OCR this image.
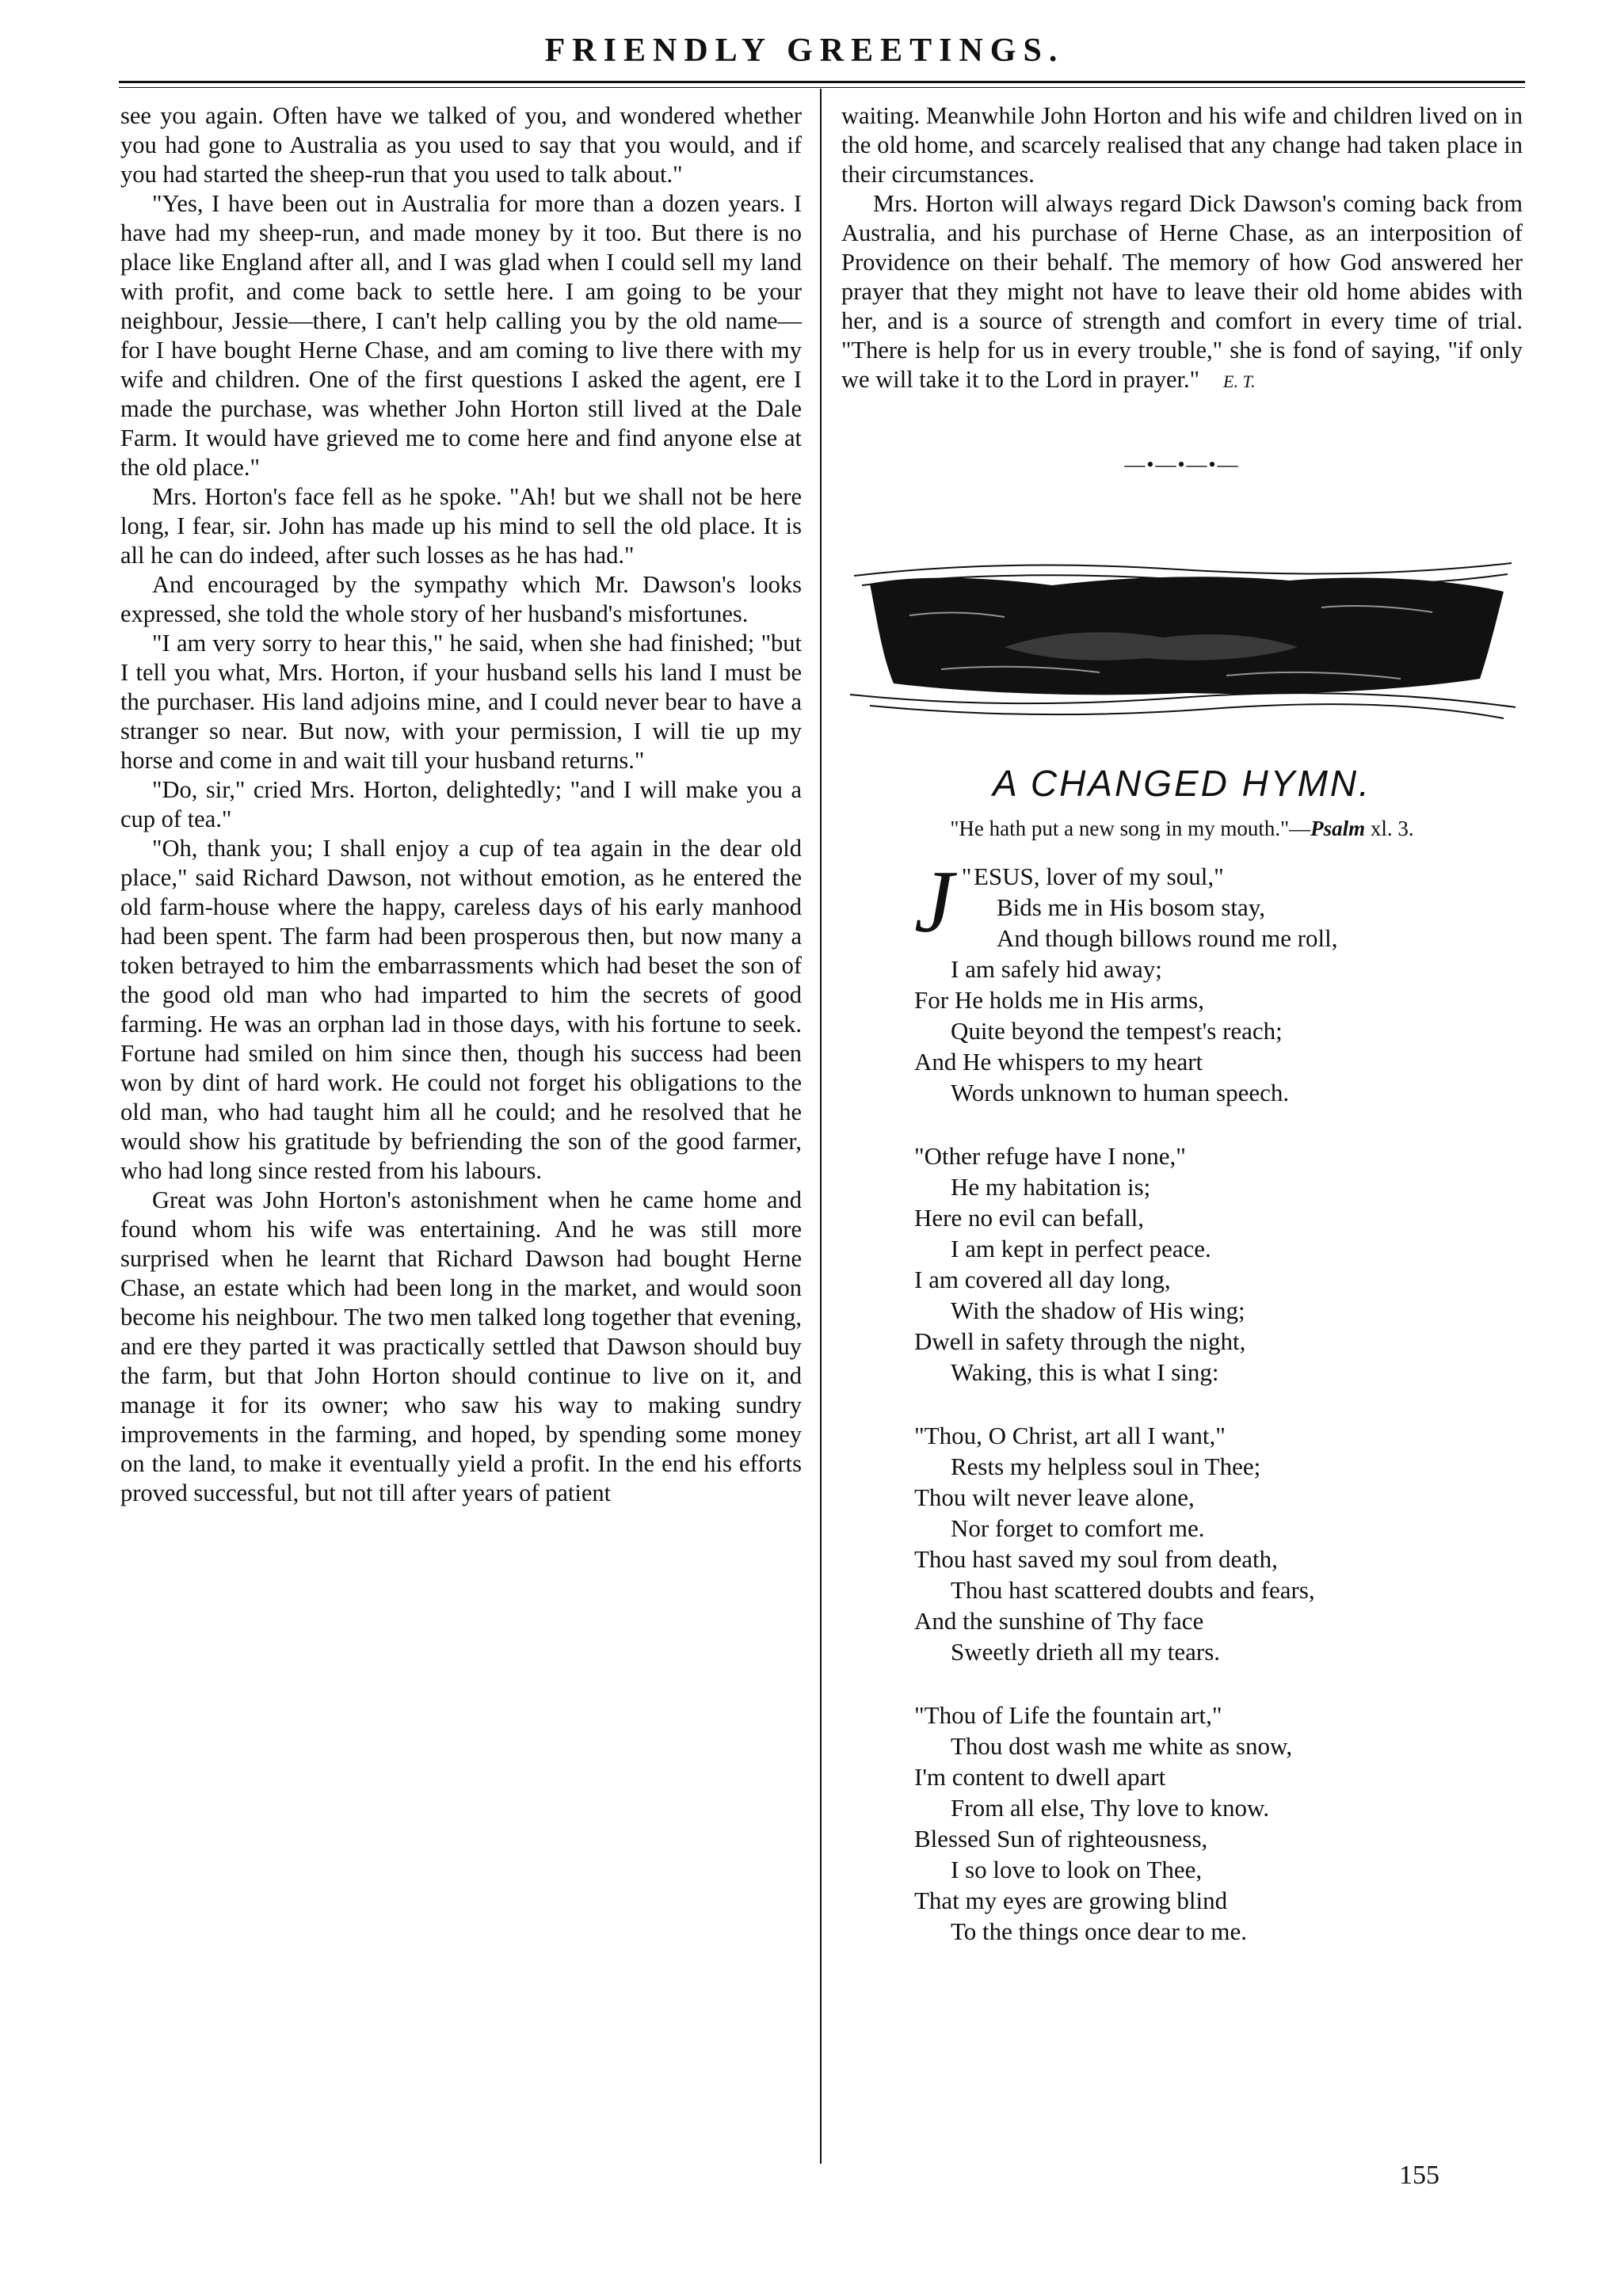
FRIENDLY GREETINGS.

see you again. Often have we talked of you, and wondered whether you had gone to Australia as you used to say that you would, and if you had started the sheep-run that you used to talk about."

"Yes, I have been out in Australia for more than a dozen years. I have had my sheep-run, and made money by it too. But there is no place like England after all, and I was glad when I could sell my land with profit, and come back to settle here. I am going to be your neighbour, Jessie—there, I can't help calling you by the old name—for I have bought Herne Chase, and am coming to live there with my wife and children. One of the first questions I asked the agent, ere I made the purchase, was whether John Horton still lived at the Dale Farm. It would have grieved me to come here and find anyone else at the old place."

Mrs. Horton's face fell as he spoke. "Ah! but we shall not be here long, I fear, sir. John has made up his mind to sell the old place. It is all he can do indeed, after such losses as he has had."

And encouraged by the sympathy which Mr. Dawson's looks expressed, she told the whole story of her husband's misfortunes.

"I am very sorry to hear this," he said, when she had finished; "but I tell you what, Mrs. Horton, if your husband sells his land I must be the purchaser. His land adjoins mine, and I could never bear to have a stranger so near. But now, with your permission, I will tie up my horse and come in and wait till your husband returns."

"Do, sir," cried Mrs. Horton, delightedly; "and I will make you a cup of tea."

"Oh, thank you; I shall enjoy a cup of tea again in the dear old place," said Richard Dawson, not without emotion, as he entered the old farm-house where the happy, careless days of his early manhood had been spent. The farm had been prosperous then, but now many a token betrayed to him the embarrassments which had beset the son of the good old man who had imparted to him the secrets of good farming. He was an orphan lad in those days, with his fortune to seek. Fortune had smiled on him since then, though his success had been won by dint of hard work. He could not forget his obligations to the old man, who had taught him all he could; and he resolved that he would show his gratitude by befriending the son of the good farmer, who had long since rested from his labours.

Great was John Horton's astonishment when he came home and found whom his wife was entertaining. And he was still more surprised when he learnt that Richard Dawson had bought Herne Chase, an estate which had been long in the market, and would soon become his neighbour. The two men talked long together that evening, and ere they parted it was practically settled that Dawson should buy the farm, but that John Horton should continue to live on it, and manage it for its owner; who saw his way to making sundry improvements in the farming, and hoped, by spending some money on the land, to make it eventually yield a profit. In the end his efforts proved successful, but not till after years of patient

waiting. Meanwhile John Horton and his wife and children lived on in the old home, and scarcely realised that any change had taken place in their circumstances.

Mrs. Horton will always regard Dick Dawson's coming back from Australia, and his purchase of Herne Chase, as an interposition of Providence on their behalf. The memory of how God answered her prayer that they might not have to leave their old home abides with her, and is a source of strength and comfort in every time of trial. "There is help for us in every trouble," she is fond of saying, "if only we will take it to the Lord in prayer." E. T.

—•—•—•—
A CHANGED HYMN.
"He hath put a new song in my mouth."—Psalm xl. 3.
J " ESUS, lover of my soul,"
Bids me in His bosom stay,
And though billows round me roll,
I am safely hid away;
For He holds me in His arms,
Quite beyond the tempest's reach;
And He whispers to my heart
Words unknown to human speech.
"Other refuge have I none,"
He my habitation is;
Here no evil can befall,
I am kept in perfect peace.
I am covered all day long,
With the shadow of His wing;
Dwell in safety through the night,
Waking, this is what I sing:
"Thou, O Christ, art all I want,"
Rests my helpless soul in Thee;
Thou wilt never leave alone,
Nor forget to comfort me.
Thou hast saved my soul from death,
Thou hast scattered doubts and fears,
And the sunshine of Thy face
Sweetly drieth all my tears.
"Thou of Life the fountain art,"
Thou dost wash me white as snow,
I'm content to dwell apart
From all else, Thy love to know.
Blessed Sun of righteousness,
I so love to look on Thee,
That my eyes are growing blind
To the things once dear to me.
155
